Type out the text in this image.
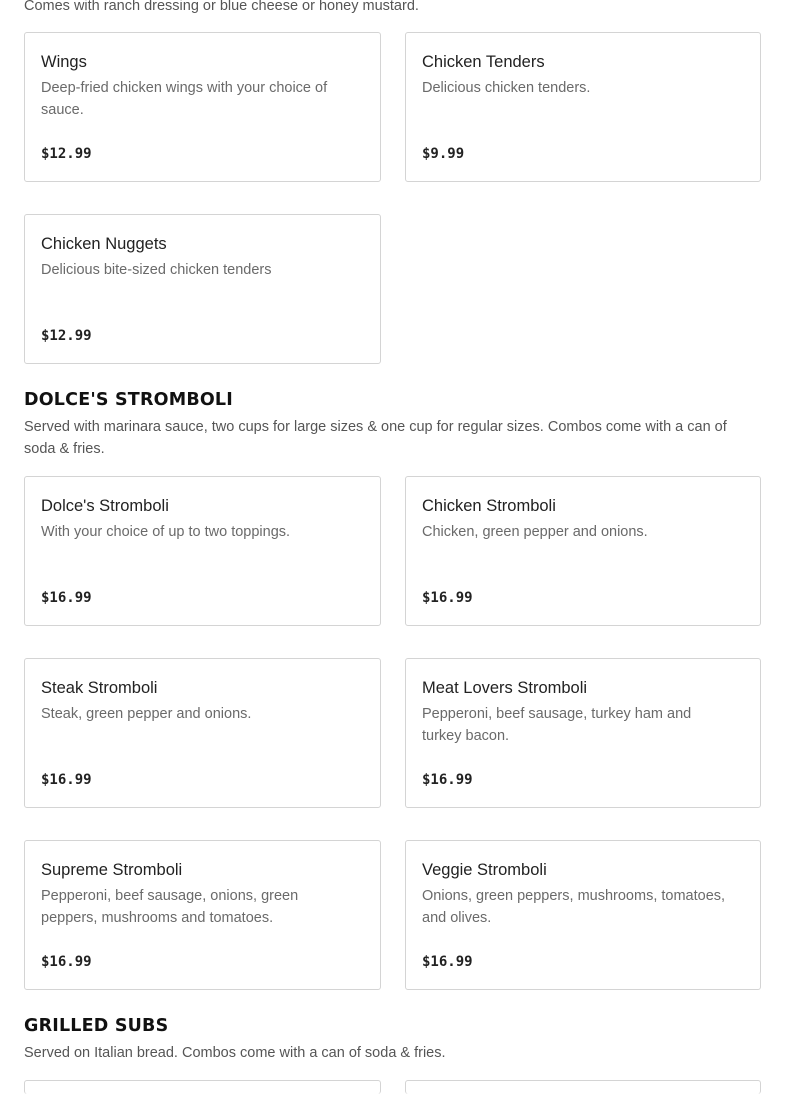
Comes with ranch dressing or blue cheese or honey mustard.
Wings
Deep-fried chicken wings with your choice of sauce.
$12.99
Chicken Tenders
Delicious chicken tenders.
$9.99
Chicken Nuggets
Delicious bite-sized chicken tenders
$12.99
DOLCE'S STROMBOLI
Served with marinara sauce, two cups for large sizes & one cup for regular sizes. Combos come with a can of soda & fries.
Dolce's Stromboli
With your choice of up to two toppings.
$16.99
Chicken Stromboli
Chicken, green pepper and onions.
$16.99
Steak Stromboli
Steak, green pepper and onions.
$16.99
Meat Lovers Stromboli
Pepperoni, beef sausage, turkey ham and turkey bacon.
$16.99
Supreme Stromboli
Pepperoni, beef sausage, onions, green peppers, mushrooms and tomatoes.
$16.99
Veggie Stromboli
Onions, green peppers, mushrooms, tomatoes, and olives.
$16.99
GRILLED SUBS
Served on Italian bread. Combos come with a can of soda & fries.
